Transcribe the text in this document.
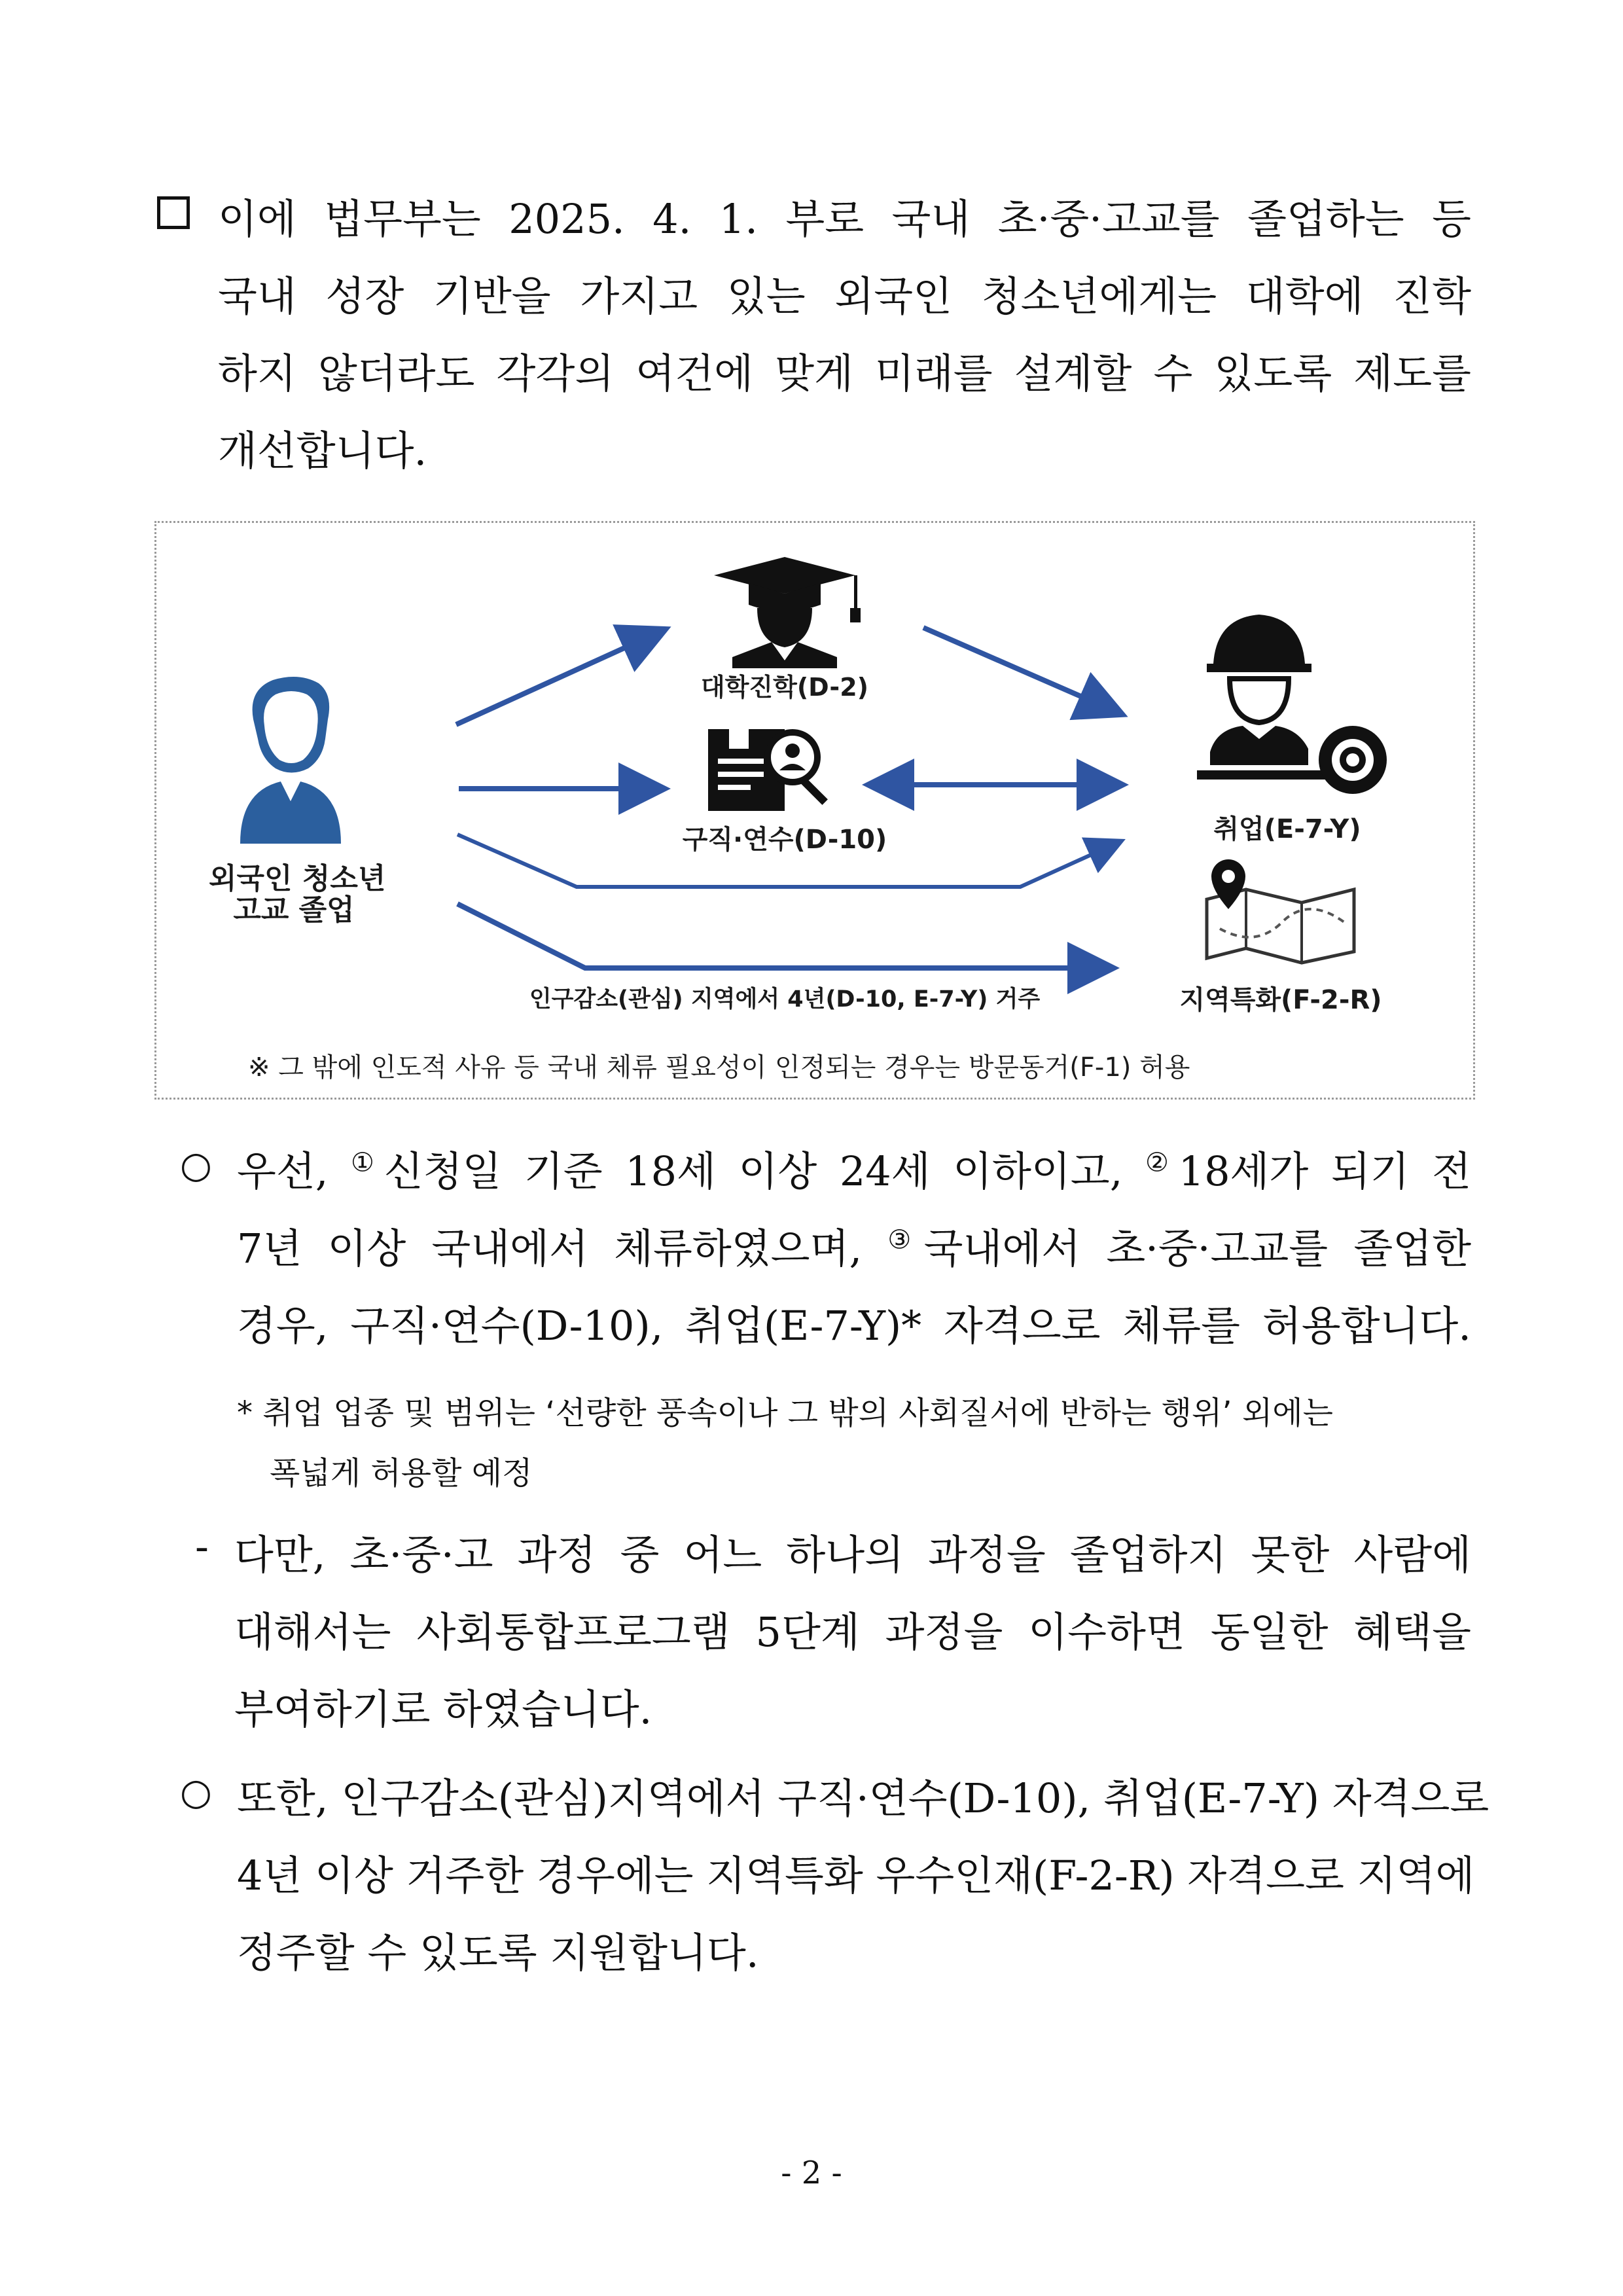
이에 법무부는 2025. 4. 1. 부로 국내 초·중·고교를 졸업하는 등
국내 성장 기반을 가지고 있는 외국인 청소년에게는 대학에 진학
하지 않더라도 각각의 여건에 맞게 미래를 설계할 수 있도록 제도를
개선합니다.
외국인 청소년
고교 졸업
대학진학(D-2)
구직·연수(D-10)	취업(E-7-Y)
지역특화(F-2-R)
인구감소(관심) 지역에서 4년(D-10, E-7-Y) 거주
※ 그 밖에 인도적 사유 등 국내 체류 필요성이 인정되는 경우는 방문동거(F-1) 허용
○ 우선, ①신청일 기준 18세 이상 24세 이하이고, ②18세가 되기 전
7년 이상 국내에서 체류하였으며, ③국내에서 초·중·고교를 졸업한
경우, 구직·연수(D-10), 취업(E-7-Y)* 자격으로 체류를 허용합니다.
* 취업 업종 및 범위는 ‘선량한 풍속이나 그 밖의 사회질서에 반하는 행위’ 외에는
폭넓게 허용할 예정
- 다만, 초·중·고 과정 중 어느 하나의 과정을 졸업하지 못한 사람에
대해서는 사회통합프로그램 5단계 과정을 이수하면 동일한 혜택을
부여하기로 하였습니다.
○ 또한, 인구감소(관심)지역에서 구직·연수(D-10), 취업(E-7-Y) 자격으로
4년 이상 거주한 경우에는 지역특화 우수인재(F-2-R) 자격으로 지역에
정주할 수 있도록 지원합니다.
- 2 -
